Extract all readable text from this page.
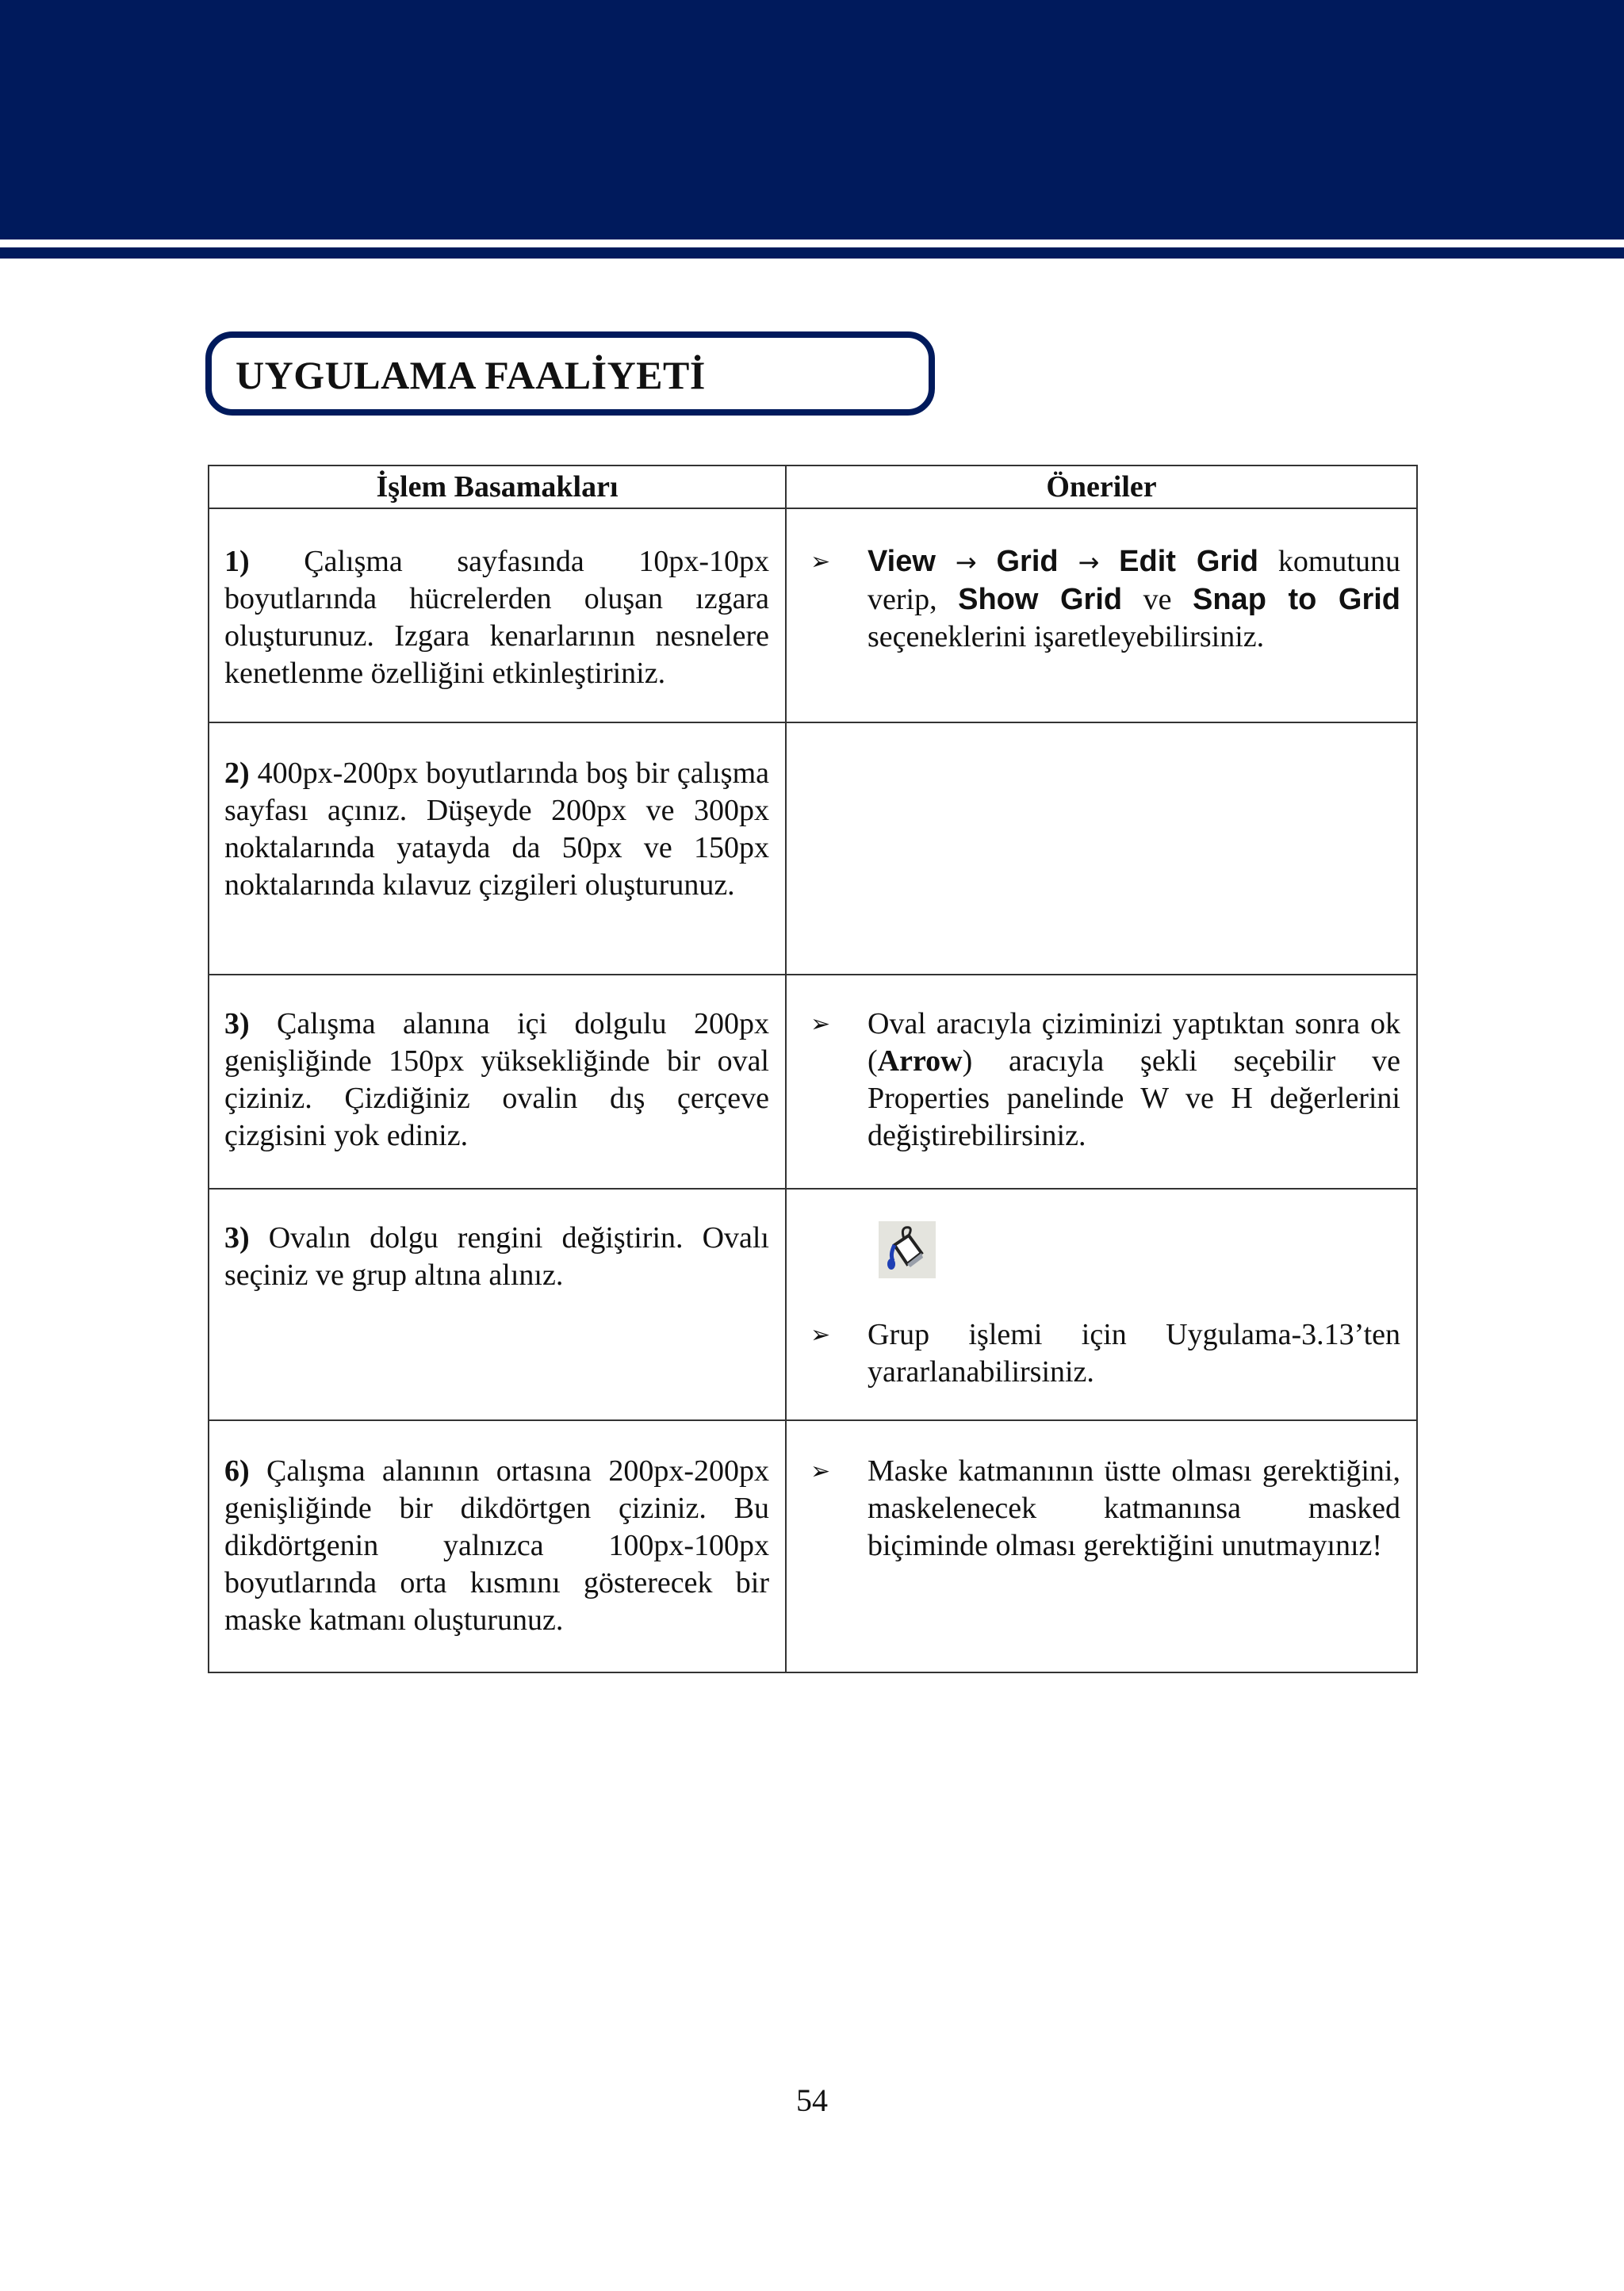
UYGULAMA FAALİYETİ
İşlem Basamakları	Öneriler

1) Çalışma sayfasında 10px-10px boyutlarında hücrelerden oluşan ızgara oluşturunuz. Izgara kenarlarının nesnelere kenetlenme özelliğini etkinleştiriniz.	➢ View → Grid → Edit Grid komutunu verip, Show Grid ve Snap to Grid seçeneklerini işaretleyebilirsiniz.

2) 400px-200px boyutlarında boş bir çalışma sayfası açınız. Düşeyde 200px ve 300px noktalarında yatayda da 50px ve 150px noktalarında kılavuz çizgileri oluşturunuz.	

3) Çalışma alanına içi dolgulu 200px genişliğinde 150px yüksekliğinde bir oval çiziniz. Çizdiğiniz ovalin dış çerçeve çizgisini yok ediniz.	➢ Oval aracıyla çiziminizi yaptıktan sonra ok (Arrow) aracıyla şekli seçebilir ve Properties panelinde W ve H değerlerini değiştirebilirsiniz.

3) Ovalın dolgu rengini değiştirin. Ovalı seçiniz ve grup altına alınız.	➢ Grup işlemi için Uygulama-3.13’ten yararlanabilirsiniz.

6) Çalışma alanının ortasına 200px-200px genişliğinde bir dikdörtgen çiziniz. Bu dikdörtgenin yalnızca 100px-100px boyutlarında orta kısmını gösterecek bir maske katmanı oluşturunuz.	➢ Maske katmanının üstte olması gerektiğini, maskelenecek katmanınsa masked biçiminde olması gerektiğini unutmayınız!
54
